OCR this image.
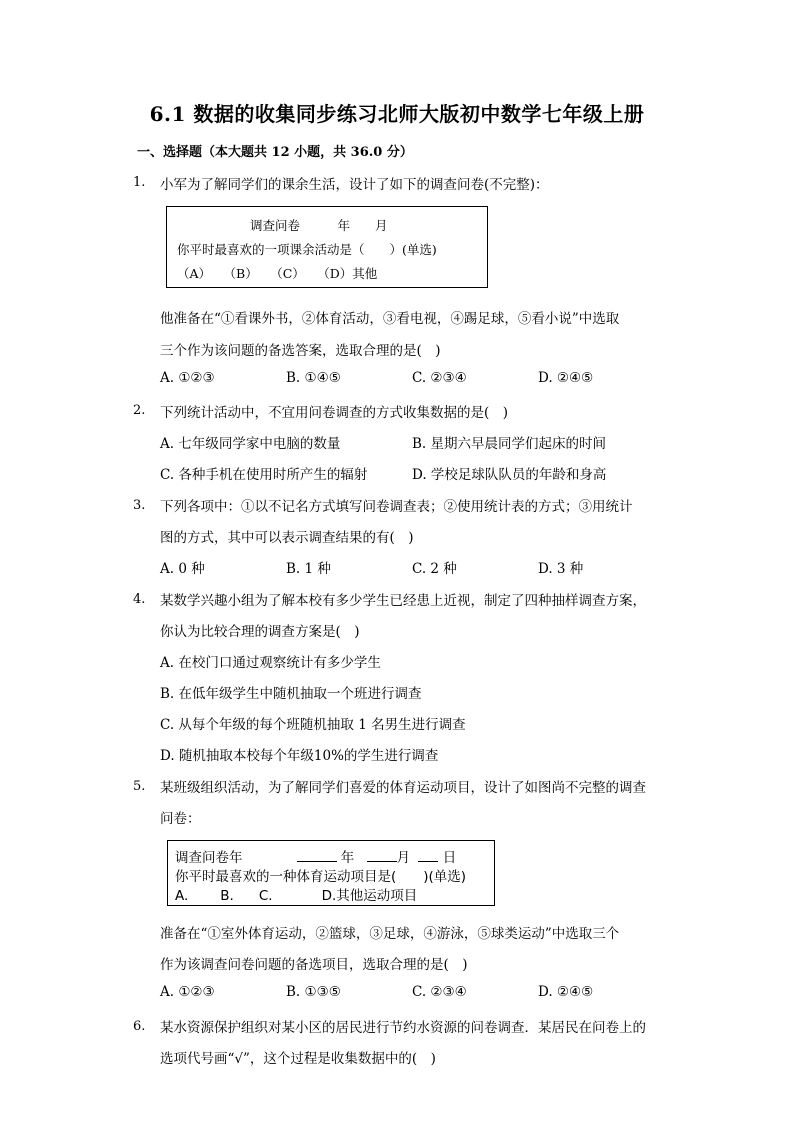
6.1 数据的收集同步练习北师大版初中数学七年级上册
一、选择题（本大题共 12 小题，共 36.0 分）
1. 小军为了解同学们的课余生活，设计了如下的调查问卷(不完整)：
调查问卷　　　年　　月
你平时最喜欢的一项课余活动是（　　）(单选)
（A）　　（B）　　（C）　　（D）其他
他准备在“①看课外书，②体育活动，③看电视，④踢足球，⑤看小说”中选取
三个作为该问题的备选答案，选取合理的是(　)
A. ①②③	B. ①④⑤	C. ②③④	D. ②④⑤
2. 下列统计活动中，不宜用问卷调查的方式收集数据的是(　)
A. 七年级同学家中电脑的数量	B. 星期六早晨同学们起床的时间
C. 各种手机在使用时所产生的辐射	D. 学校足球队队员的年龄和身高
3. 下列各项中：①以不记名方式填写问卷调查表；②使用统计表的方式；③用统计
图的方式，其中可以表示调查结果的有(　)
A. 0 种	B. 1 种	C. 2 种	D. 3 种
4. 某数学兴趣小组为了解本校有多少学生已经患上近视，制定了四种抽样调查方案，
你认为比较合理的调查方案是(　)
A. 在校门口通过观察统计有多少学生
B. 在低年级学生中随机抽取一个班进行调查
C. 从每个年级的每个班随机抽取 1 名男生进行调查
D. 随机抽取本校每个年级10%的学生进行调查
5. 某班级组织活动，为了解同学们喜爱的体育运动项目，设计了如图尚不完整的调查
问卷：
调查问卷年	年	月 日
你平时最喜欢的一种体育运动项目是(　　)(单选)
A. B. C.	D.其他运动项目
准备在“①室外体育运动，②篮球，③足球，④游泳，⑤球类运动”中选取三个
作为该调查问卷问题的备选项目，选取合理的是(　)
A. ①②③	B. ①③⑤	C. ②③④	D. ②④⑤
6. 某水资源保护组织对某小区的居民进行节约水资源的问卷调查．某居民在问卷上的
选项代号画“√”，这个过程是收集数据中的(　)
